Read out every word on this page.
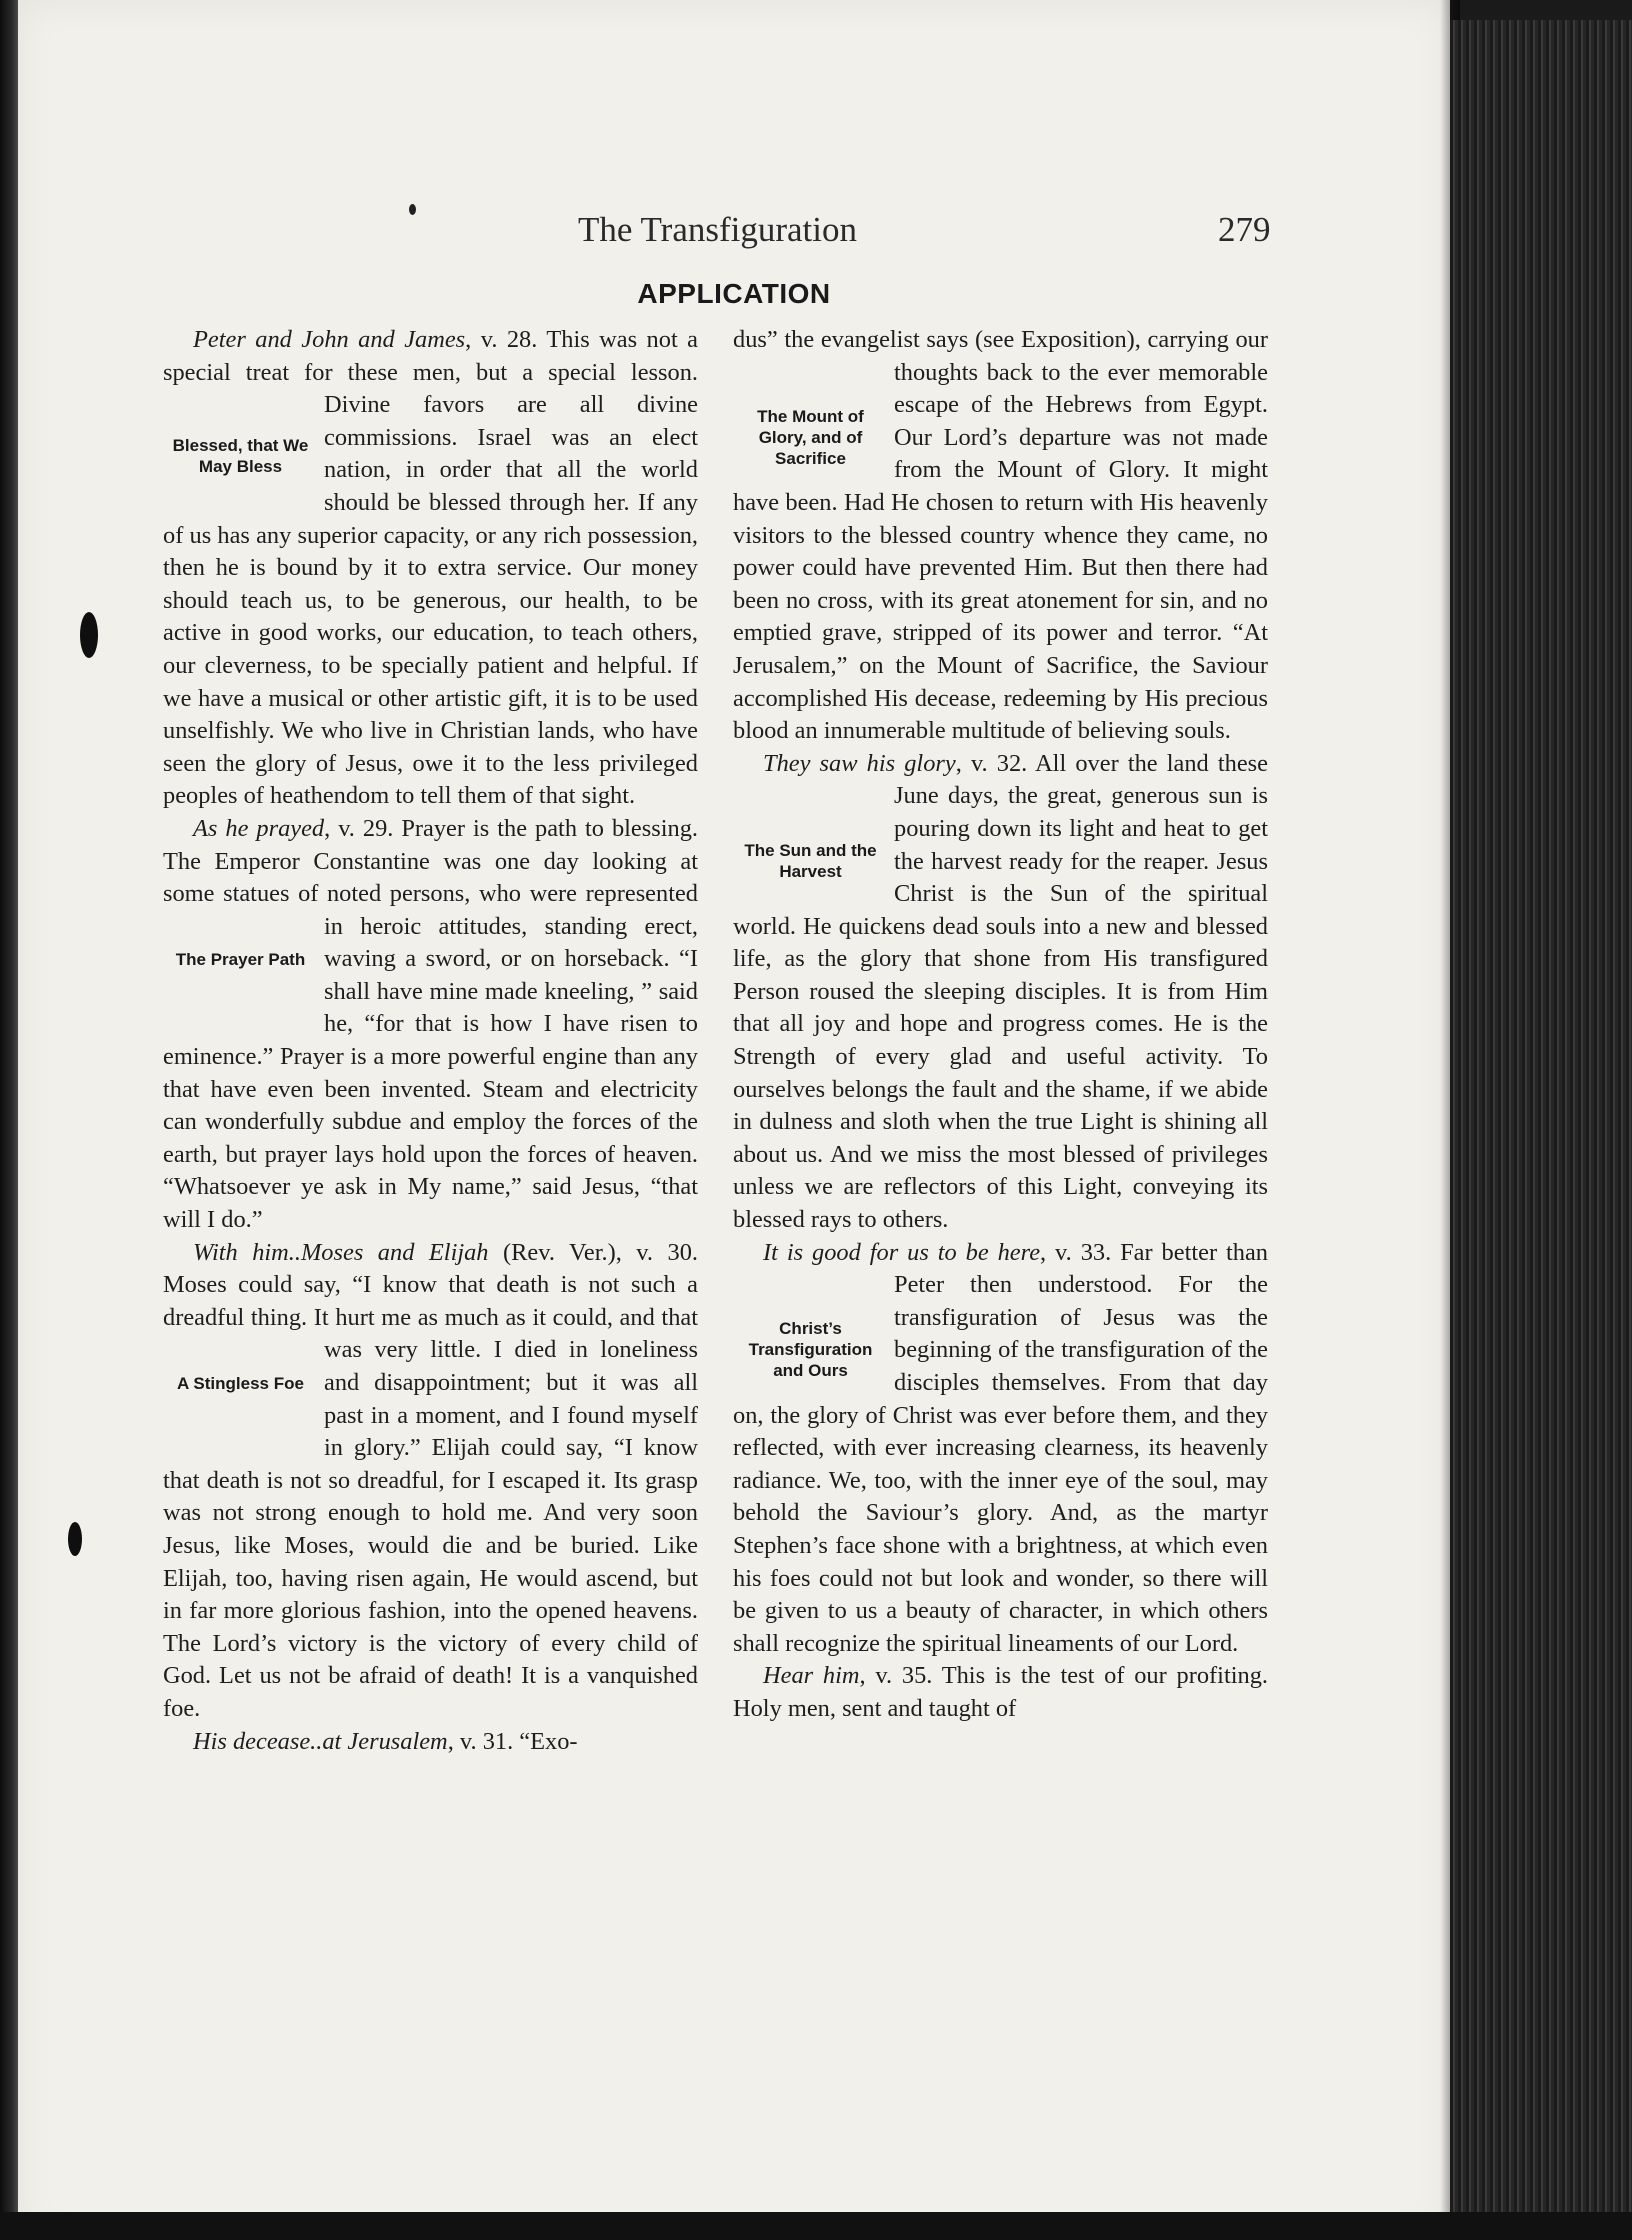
The Transfiguration	279
APPLICATION

Blessed, that We May Bless
Peter and John and James, v. 28. This was not a special treat for these men, but a special lesson. Divine favors are all divine commissions. Israel was an elect nation, in order that all the world should be blessed through her. If any of us has any superior capacity, or any rich possession, then he is bound by it to extra service. Our money should teach us, to be generous, our health, to be active in good works, our education, to teach others, our cleverness, to be specially patient and helpful. If we have a musical or other artistic gift, it is to be used unselfishly. We who live in Christian lands, who have seen the glory of Jesus, owe it to the less privileged peoples of heathendom to tell them of that sight.

The Prayer Path
As he prayed, v. 29. Prayer is the path to blessing. The Emperor Constantine was one day looking at some statues of noted persons, who were represented in heroic attitudes, standing erect, waving a sword, or on horseback. “I shall have mine made kneeling, ” said he, “for that is how I have risen to eminence.” Prayer is a more powerful engine than any that have even been invented. Steam and electricity can wonderfully subdue and employ the forces of the earth, but prayer lays hold upon the forces of heaven. “Whatsoever ye ask in My name,” said Jesus, “that will I do.”

A Stingless Foe
With him..Moses and Elijah (Rev. Ver.), v. 30. Moses could say, “I know that death is not such a dreadful thing. It hurt me as much as it could, and that was very little. I died in loneliness and disappointment; but it was all past in a moment, and I found myself in glory.” Elijah could say, “I know that death is not so dreadful, for I escaped it. Its grasp was not strong enough to hold me. And very soon Jesus, like Moses, would die and be buried. Like Elijah, too, having risen again, He would ascend, but in far more glorious fashion, into the opened heavens. The Lord’s victory is the victory of every child of God. Let us not be afraid of death! It is a vanquished foe.

His decease..at Jerusalem, v. 31. “Exo-

The Mount of Glory, and of Sacrifice
dus” the evangelist says (see Exposition), carrying our thoughts back to the ever memorable escape of the Hebrews from Egypt. Our Lord’s departure was not made from the Mount of Glory. It might have been. Had He chosen to return with His heavenly visitors to the blessed country whence they came, no power could have prevented Him. But then there had been no cross, with its great atonement for sin, and no emptied grave, stripped of its power and terror. “At Jerusalem,” on the Mount of Sacrifice, the Saviour accomplished His decease, redeeming by His precious blood an innumerable multitude of believing souls.

The Sun and the Harvest
They saw his glory, v. 32. All over the land these June days, the great, generous sun is pouring down its light and heat to get the harvest ready for the reaper. Jesus Christ is the Sun of the spiritual world. He quickens dead souls into a new and blessed life, as the glory that shone from His transfigured Person roused the sleeping disciples. It is from Him that all joy and hope and progress comes. He is the Strength of every glad and useful activity. To ourselves belongs the fault and the shame, if we abide in dulness and sloth when the true Light is shining all about us. And we miss the most blessed of privileges unless we are reflectors of this Light, conveying its blessed rays to others.

Christ’s Transfiguration and Ours
It is good for us to be here, v. 33. Far better than Peter then understood. For the transfiguration of Jesus was the beginning of the transfiguration of the disciples themselves. From that day on, the glory of Christ was ever before them, and they reflected, with ever increasing clearness, its heavenly radiance. We, too, with the inner eye of the soul, may behold the Saviour’s glory. And, as the martyr Stephen’s face shone with a brightness, at which even his foes could not but look and wonder, so there will be given to us a beauty of character, in which others shall recognize the spiritual lineaments of our Lord.

Hear him, v. 35. This is the test of our profiting. Holy men, sent and taught of
